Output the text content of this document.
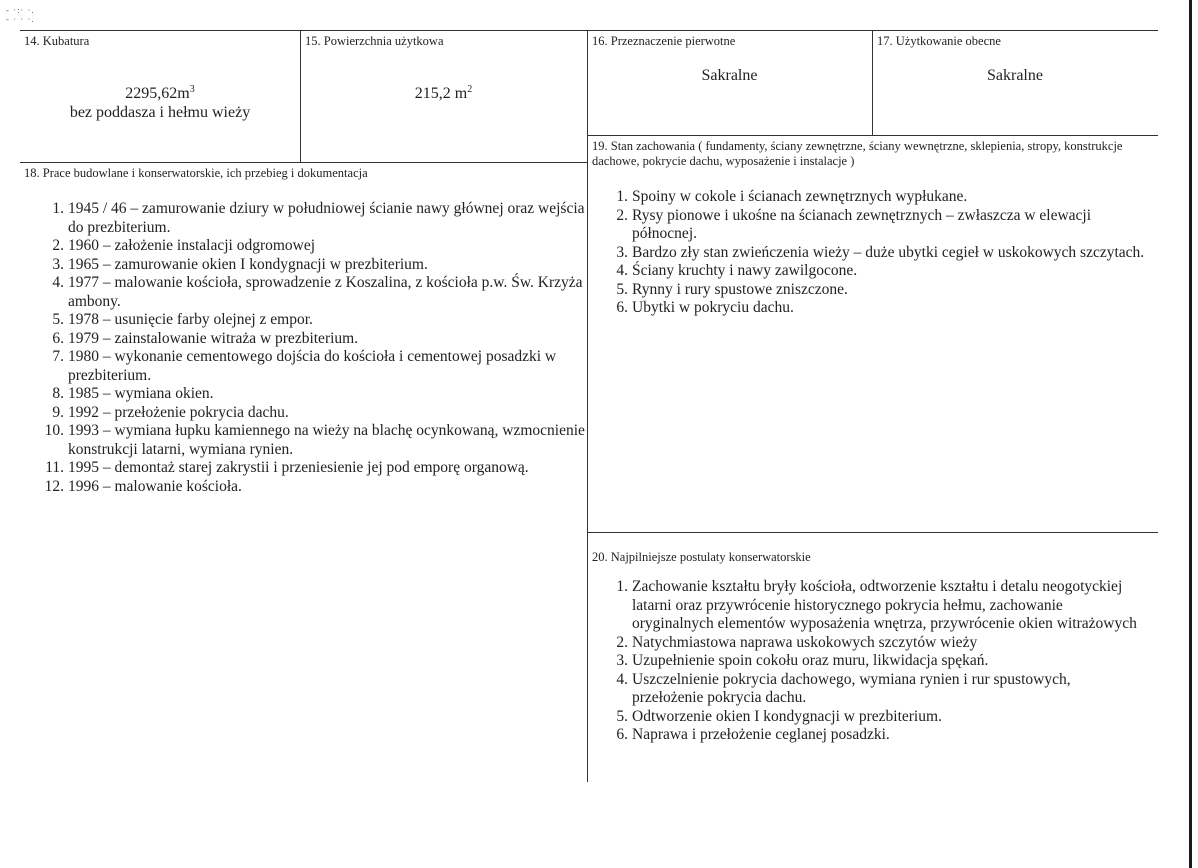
- ·:· ·.
- · · ·.
14. Kubatura
$2295,62m^3$
bez poddasza i hełmu wieży
15. Powierzchnia użytkowa
215,2 $m^2$
16. Przeznaczenie pierwotne
Sakralne
17. Użytkowanie obecne
Sakralne
19. Stan zachowania ( fundamenty, ściany zewnętrzne, ściany wewnętrzne, sklepienia, stropy, konstrukcje dachowe, pokrycie dachu, wyposażenie i instalacje )
18. Prace budowlane i konserwatorskie, ich przebieg i dokumentacja
1. 1945 / 46 – zamurowanie dziury w południowej ścianie nawy głównej oraz wejścia do prezbiterium.
2. 1960 – założenie instalacji odgromowej
3. 1965 – zamurowanie okien I kondygnacji w prezbiterium.
4. 1977 – malowanie kościoła, sprowadzenie z Koszalina, z kościoła p.w. Św. Krzyża ambony.
5. 1978 – usunięcie farby olejnej z empor.
6. 1979 – zainstalowanie witraża w prezbiterium.
7. 1980 – wykonanie cementowego dojścia do kościoła i cementowej posadzki w prezbiterium.
8. 1985 – wymiana okien.
9. 1992 – przełożenie pokrycia dachu.
10. 1993 – wymiana łupku kamiennego na wieży na blachę ocynkowaną, wzmocnienie konstrukcji latarni, wymiana rynien.
11. 1995 – demontaż starej zakrystii i przeniesienie jej pod emporę organową.
12. 1996 – malowanie kościoła.
1. Spoiny w cokole i ścianach zewnętrznych wypłukane.
2. Rysy pionowe i ukośne na ścianach zewnętrznych – zwłaszcza w elewacji północnej.
3. Bardzo zły stan zwieńczenia wieży – duże ubytki cegieł w uskokowych szczytach.
4. Ściany kruchty i nawy zawilgocone.
5. Rynny i rury spustowe zniszczone.
6. Ubytki w pokryciu dachu.
20. Najpilniejsze postulaty konserwatorskie
1. Zachowanie kształtu bryły kościoła, odtworzenie kształtu i detalu neogotyckiej latarni oraz przywrócenie historycznego pokrycia hełmu, zachowanie oryginalnych elementów wyposażenia wnętrza, przywrócenie okien witrażowych
2. Natychmiastowa naprawa uskokowych szczytów wieży
3. Uzupełnienie spoin cokołu oraz muru, likwidacja spękań.
4. Uszczelnienie pokrycia dachowego, wymiana rynien i rur spustowych, przełożenie pokrycia dachu.
5. Odtworzenie okien I kondygnacji w prezbiterium.
6. Naprawa i przełożenie ceglanej posadzki.
